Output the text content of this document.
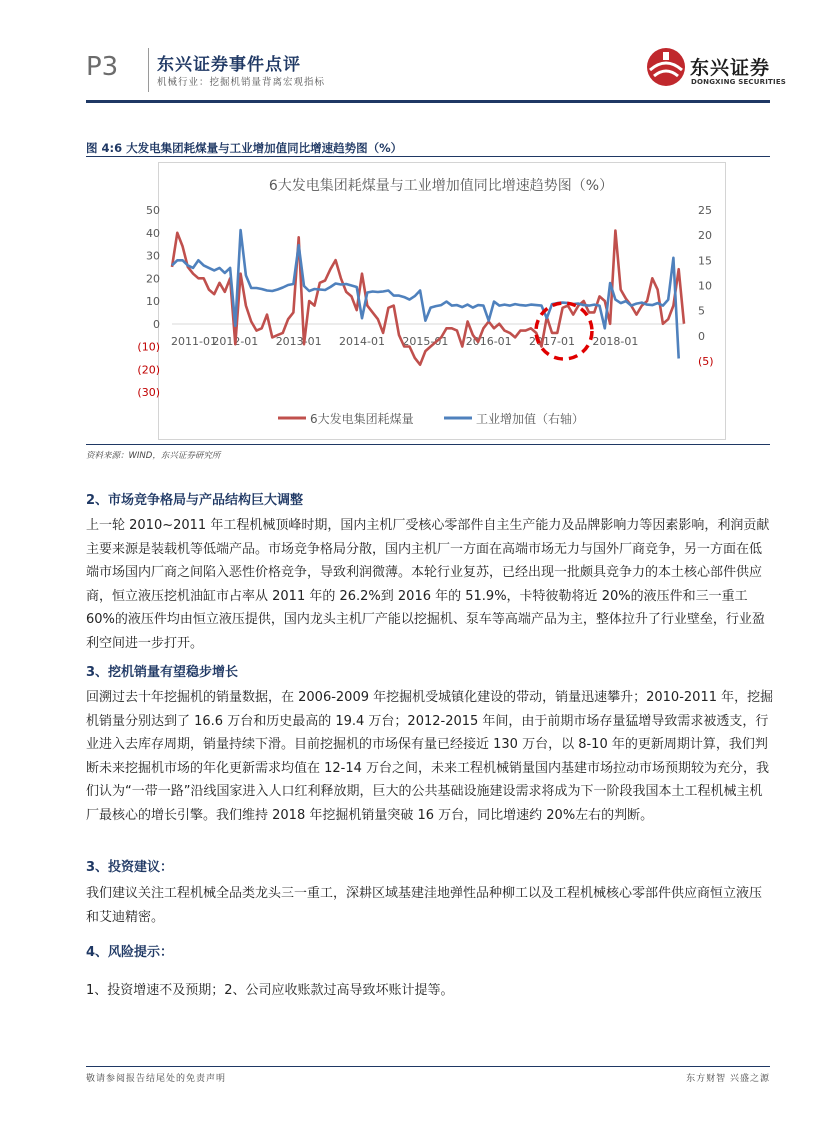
P3 东兴证券事件点评
机械行业：挖掘机销量背离宏观指标
东兴证券
DONGXING SECURITIES
图 4:6 大发电集团耗煤量与工业增加值同比增速趋势图（%）
6大发电集团耗煤量与工业增加值同比增速趋势图（%）
50
40
30
20
10
0
(10)
(20)
(30)
25
20
15
10
5
0
(5)
2011-01
2012-01 2013-01 2014-01 2015-01 2016-01 2017-01 2018-01
6大发电集团耗煤量	工业增加值（右轴）
资料来源：WIND，东兴证券研究所
2、市场竞争格局与产品结构巨大调整
上一轮 2010~2011 年工程机械顶峰时期，国内主机厂受核心零部件自主生产能力及品牌影响力等因素影响，利润贡献主要来源是装载机等低端产品。市场竞争格局分散，国内主机厂一方面在高端市场无力与国外厂商竞争，另一方面在低端市场国内厂商之间陷入恶性价格竞争，导致利润微薄。本轮行业复苏，已经出现一批颇具竞争力的本土核心部件供应商，恒立液压挖机油缸市占率从 2011 年的 26.2%到 2016 年的 51.9%，卡特彼勒将近 20%的液压件和三一重工 60%的液压件均由恒立液压提供，国内龙头主机厂产能以挖掘机、泵车等高端产品为主，整体拉升了行业壁垒，行业盈利空间进一步打开。
3、挖机销量有望稳步增长
回溯过去十年挖掘机的销量数据，在 2006-2009 年挖掘机受城镇化建设的带动，销量迅速攀升；2010-2011 年，挖掘机销量分别达到了 16.6 万台和历史最高的 19.4 万台；2012-2015 年间，由于前期市场存量猛增导致需求被透支，行业进入去库存周期，销量持续下滑。目前挖掘机的市场保有量已经接近 130 万台，以 8-10 年的更新周期计算，我们判断未来挖掘机市场的年化更新需求均值在 12-14 万台之间，未来工程机械销量国内基建市场拉动市场预期较为充分，我们认为“一带一路”沿线国家进入人口红利释放期，巨大的公共基础设施建设需求将成为下一阶段我国本土工程机械主机厂最核心的增长引擎。我们维持 2018 年挖掘机销量突破 16 万台，同比增速约 20%左右的判断。
3、投资建议：
我们建议关注工程机械全品类龙头三一重工，深耕区域基建洼地弹性品种柳工以及工程机械核心零部件供应商恒立液压和艾迪精密。
4、风险提示：
1、投资增速不及预期；2、公司应收账款过高导致坏账计提等。
敬请参阅报告结尾处的免责声明	东方财智 兴盛之源
